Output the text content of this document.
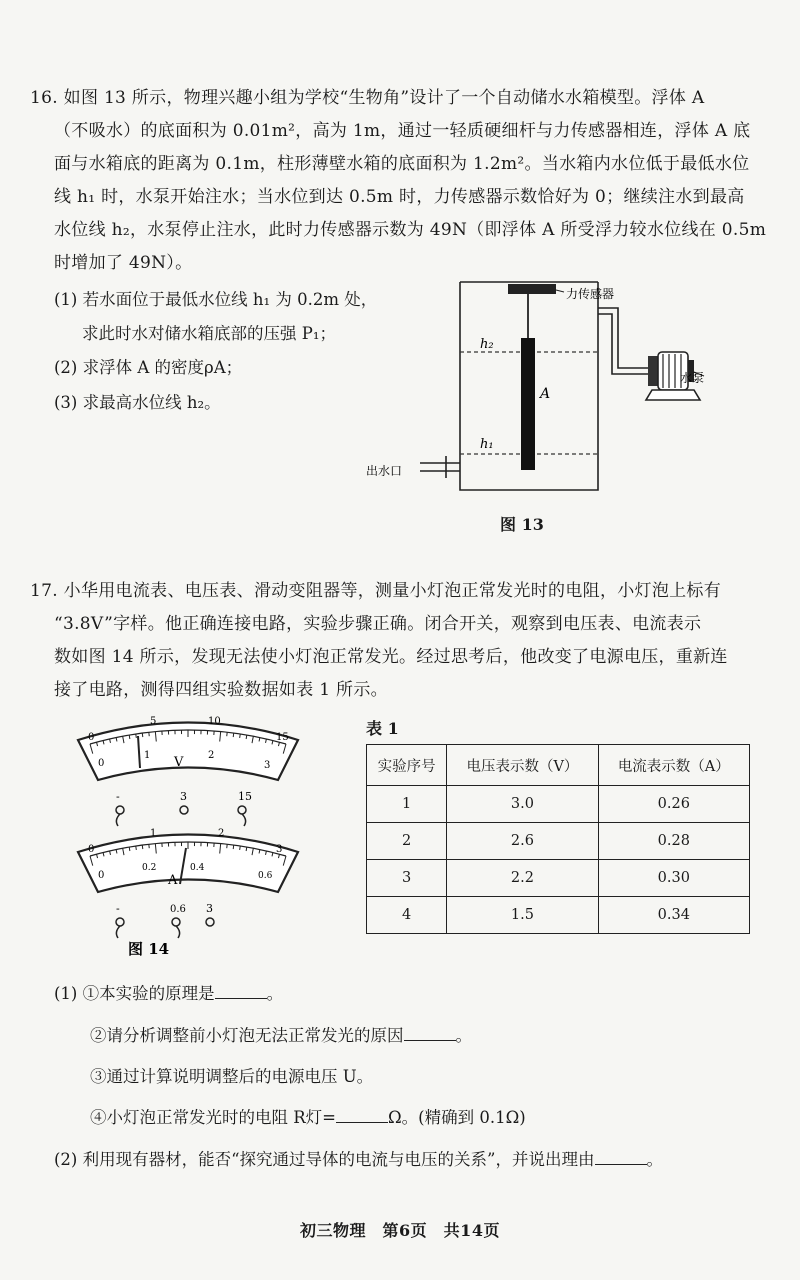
16. 如图 13 所示，物理兴趣小组为学校“生物角”设计了一个自动储水水箱模型。浮体 A
（不吸水）的底面积为 0.01m²，高为 1m，通过一轻质硬细杆与力传感器相连，浮体 A 底
面与水箱底的距离为 0.1m，柱形薄壁水箱的底面积为 1.2m²。当水箱内水位低于最低水位
线 h₁ 时，水泵开始注水；当水位到达 0.5m 时，力传感器示数恰好为 0；继续注水到最高
水位线 h₂，水泵停止注水，此时力传感器示数为 49N（即浮体 A 所受浮力较水位线在 0.5m
时增加了 49N）。
(1) 若水面位于最低水位线 h₁ 为 0.2m 处，
求此时水对储水箱底部的压强 P₁；
(2) 求浮体 A 的密度ρA；
(3) 求最高水位线 h₂。
力传感器
水泵
出水口
h₂
h₁
A
图 13
17. 小华用电流表、电压表、滑动变阻器等，测量小灯泡正常发光时的电阻，小灯泡上标有
“3.8V”字样。他正确连接电路，实验步骤正确。闭合开关，观察到电压表、电流表示
数如图 14 所示，发现无法使小灯泡正常发光。经过思考后，他改变了电源电压，重新连
接了电路，测得四组实验数据如表 1 所示。
0
5	10
15
0
1	2
3
V
-	3	15
0
1	2
3
0
0.2	0.4
0.6
A
-	0.6 3
图 14
表 1
实验序号	电压表示数（V）	电流表示数（A）
1	3.0	0.26
2	2.6	0.28
3	2.2	0.30
4	1.5	0.34
(1) ①本实验的原理是	。
②请分析调整前小灯泡无法正常发光的原因	。
③通过计算说明调整后的电源电压 U。
④小灯泡正常发光时的电阻 R灯=	Ω。(精确到 0.1Ω)
(2) 利用现有器材，能否“探究通过导体的电流与电压的关系”，并说出理由	。
初三物理　第6页　共14页
